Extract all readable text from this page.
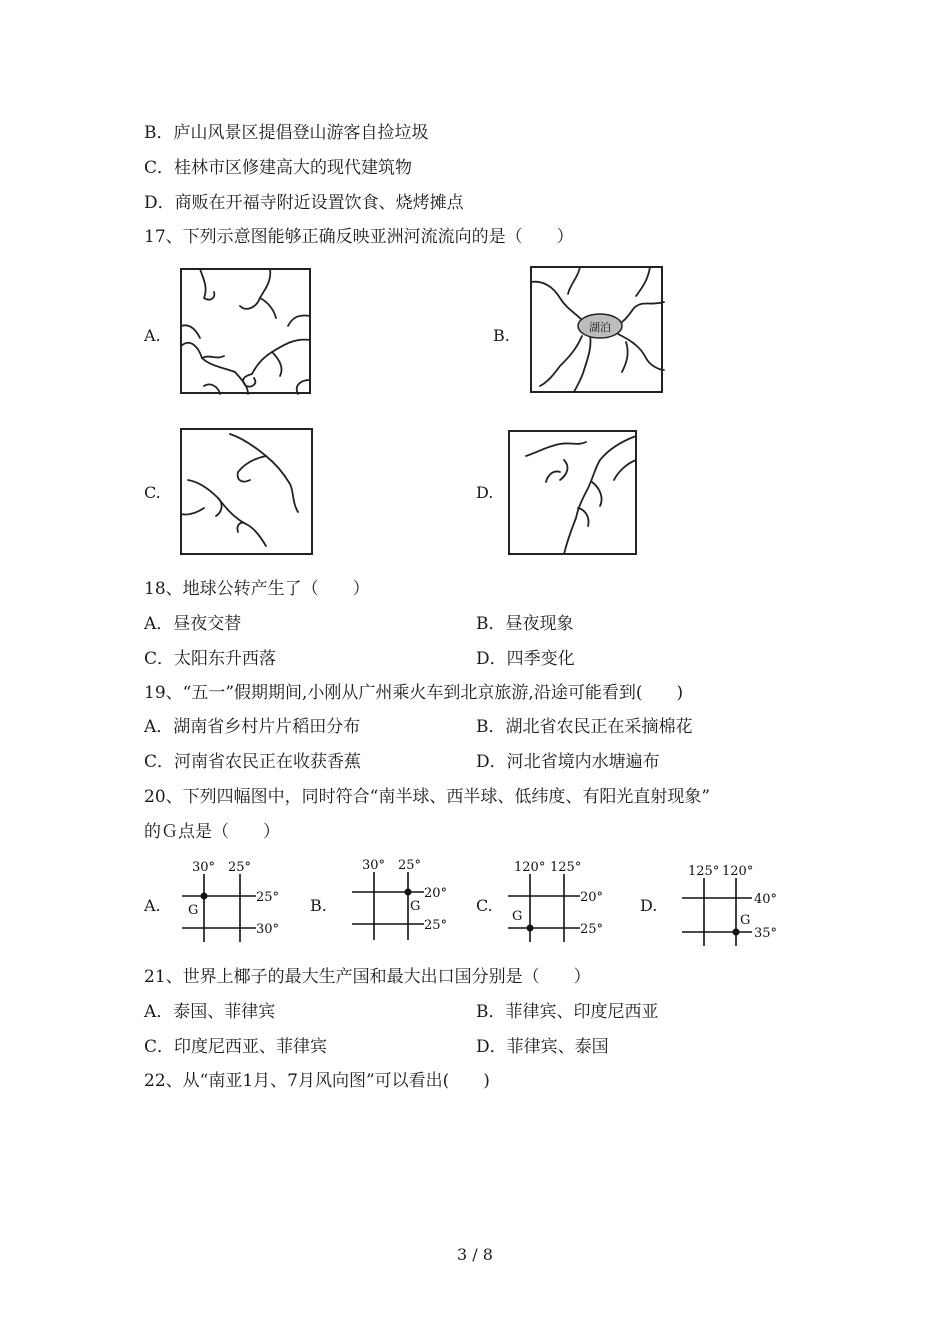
B．庐山风景区提倡登山游客自捡垃圾
C．桂林市区修建高大的现代建筑物
D．商贩在开福寺附近设置饮食、烧烤摊点
17、下列示意图能够正确反映亚洲河流流向的是（　　）
A.	B.	湖泊
C.	D.
18、地球公转产生了（　　）
A．昼夜交替	B．昼夜现象
C．太阳东升西落	D．四季变化
19、“五一”假期期间,小刚从广州乘火车到北京旅游,沿途可能看到(　　)
A．湖南省乡村片片稻田分布	B．湖北省农民正在采摘棉花
C．河南省农民正在收获香蕉	D．河北省境内水塘遍布
20、下列四幅图中，同时符合“南半球、西半球、低纬度、有阳光直射现象”
的Ｇ点是（　　）
A.
30° 25°
25°
30°
G	B.
30° 25°
20°
25°
G	C.
120° 125°
20°
25°
G
D.
125° 120°
40°
35°
G
21、世界上椰子的最大生产国和最大出口国分别是（　　）
A．泰国、菲律宾	B．菲律宾、印度尼西亚
C．印度尼西亚、菲律宾	D．菲律宾、泰国
22、从“南亚1月、7月风向图”可以看出(　　)
3 / 8
